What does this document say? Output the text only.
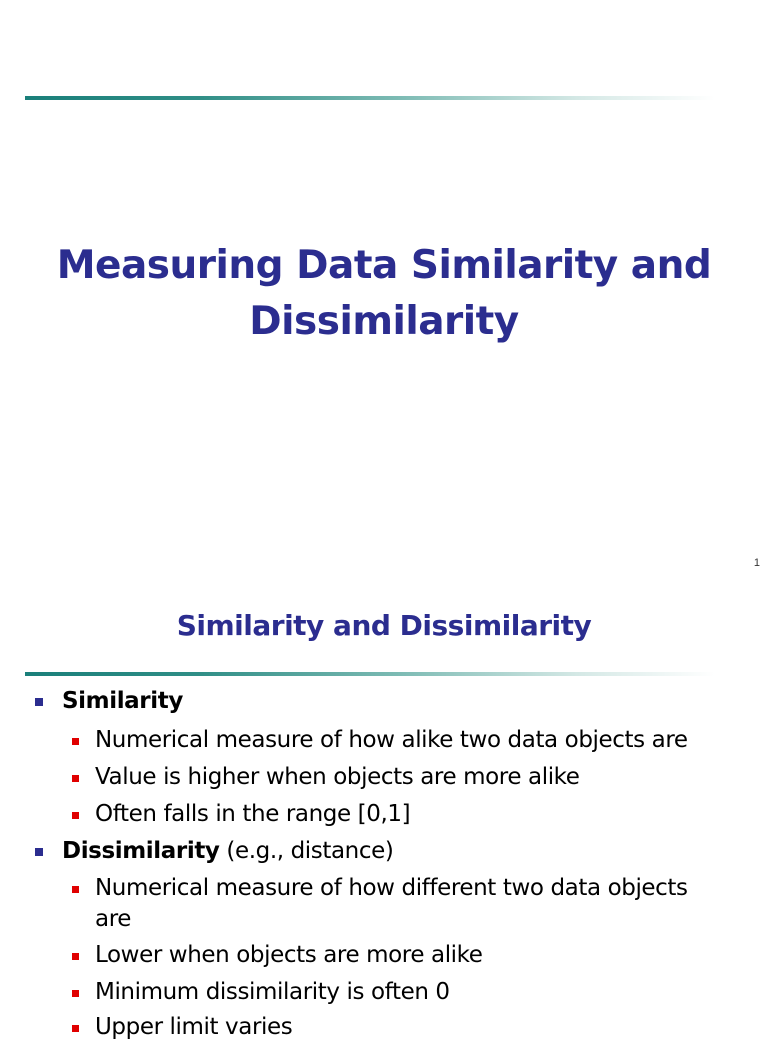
Measuring Data Similarity and
Dissimilarity
1
Similarity and Dissimilarity
Similarity
Numerical measure of how alike two data objects are
Value is higher when objects are more alike
Often falls in the range [0,1]
Dissimilarity (e.g., distance)
Numerical measure of how different two data objects
are
Lower when objects are more alike
Minimum dissimilarity is often 0
Upper limit varies
